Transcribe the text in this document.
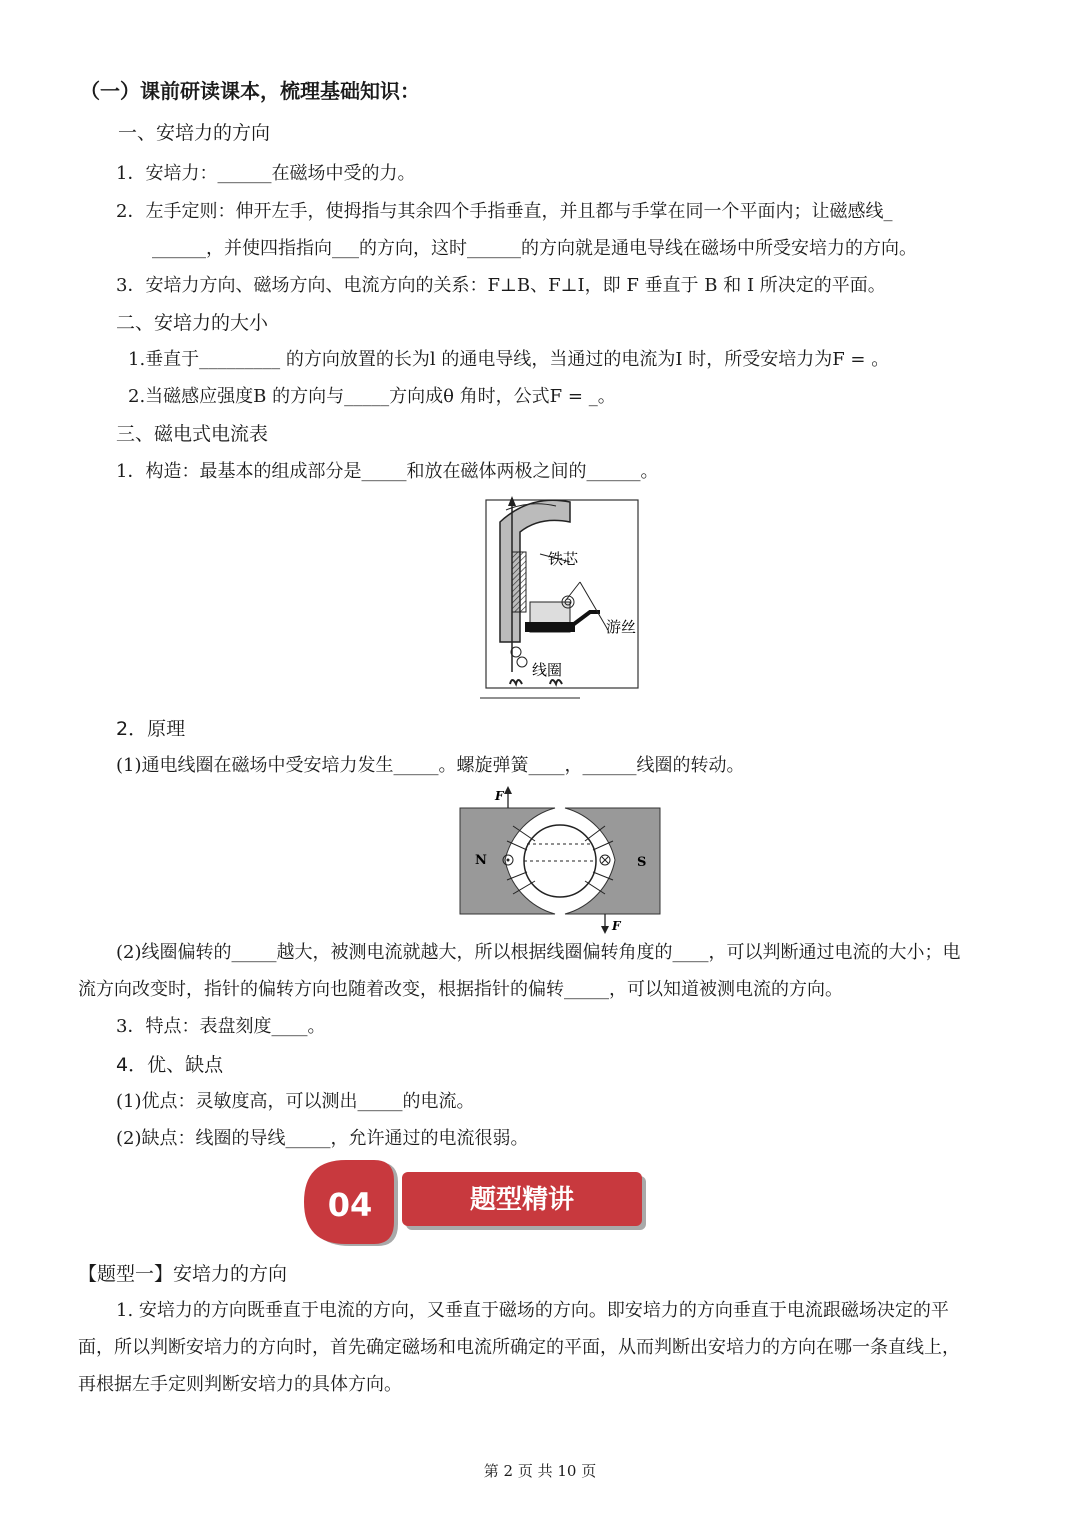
（一）课前研读课本，梳理基础知识：
一、安培力的方向
1．安培力：______在磁场中受的力。
2．左手定则：伸开左手，使拇指与其余四个手指垂直，并且都与手掌在同一个平面内；让磁感线_
______，并使四指指向___的方向，这时______的方向就是通电导线在磁场中所受安培力的方向。
3．安培力方向、磁场方向、电流方向的关系：F⊥B、F⊥I，即 F 垂直于 B 和 I 所决定的平面。
二、安培力的大小
1.垂直于_________ 的方向放置的长为l 的通电导线，当通过的电流为I 时，所受安培力为F = 。
2.当磁感应强度B 的方向与_____方向成θ 角时，公式F = _。
三、磁电式电流表
1．构造：最基本的组成部分是_____和放在磁体两极之间的______。
铁芯
游丝
线圈
2．原理
(1)通电线圈在磁场中受安培力发生_____。螺旋弹簧____，______线圈的转动。
N	S
F
F
(2)线圈偏转的_____越大，被测电流就越大，所以根据线圈偏转角度的____，可以判断通过电流的大小；电
流方向改变时，指针的偏转方向也随着改变，根据指针的偏转_____，可以知道被测电流的方向。
3．特点：表盘刻度____。
4．优、缺点
(1)优点：灵敏度高，可以测出_____的电流。
(2)缺点：线圈的导线_____，允许通过的电流很弱。
04	题型精讲
【题型一】安培力的方向
1. 安培力的方向既垂直于电流的方向，又垂直于磁场的方向。即安培力的方向垂直于电流跟磁场决定的平
面，所以判断安培力的方向时，首先确定磁场和电流所确定的平面，从而判断出安培力的方向在哪一条直线上，
再根据左手定则判断安培力的具体方向。
第 2 页 共 10 页
